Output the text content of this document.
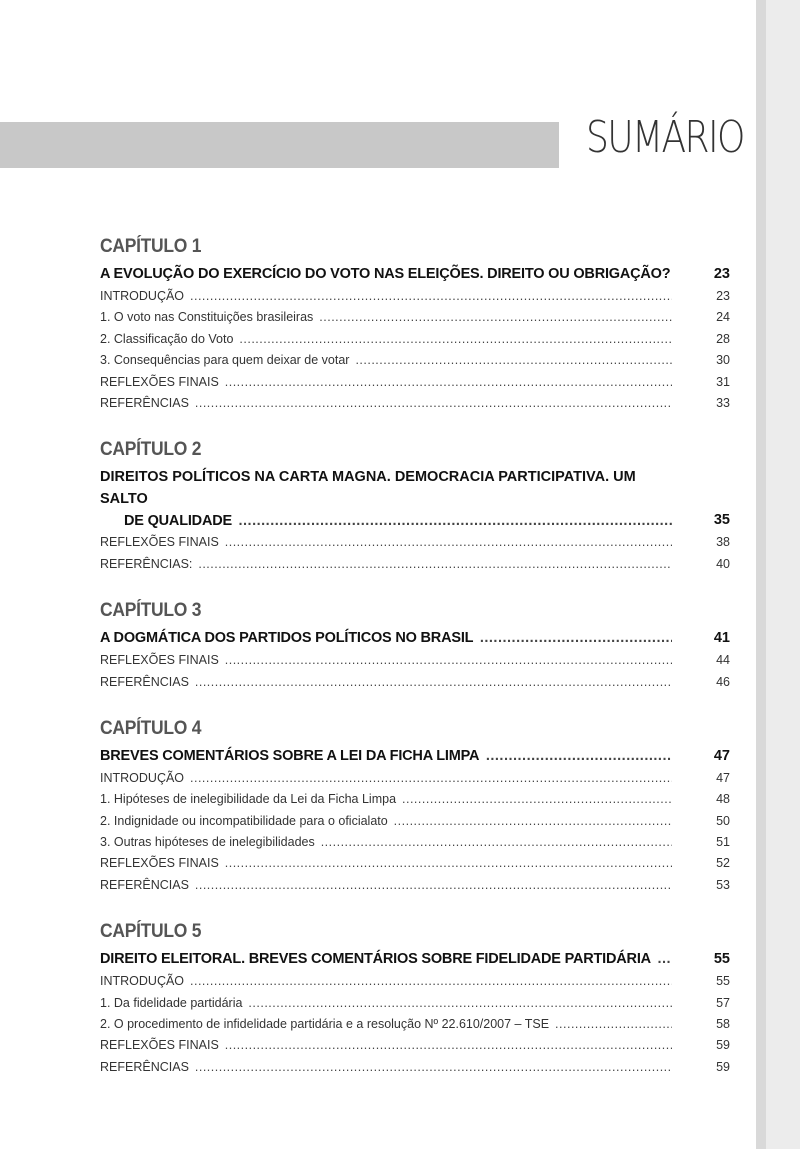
SUMÁRIO
CAPÍTULO 1
A EVOLUÇÃO DO EXERCÍCIO DO VOTO NAS ELEIÇÕES. DIREITO OU OBRIGAÇÃO?	23
INTRODUÇÃO .....	23
1. O voto nas Constituições brasileiras .....	24
2. Classificação do Voto .....	28
3. Consequências para quem deixar de votar .....	30
REFLEXÕES FINAIS .....	31
REFERÊNCIAS .....	33
CAPÍTULO 2
DIREITOS POLÍTICOS NA CARTA MAGNA. DEMOCRACIA PARTICIPATIVA. UM SALTO
DE QUALIDADE .....	35
REFLEXÕES FINAIS .....	38
REFERÊNCIAS: .....	40
CAPÍTULO 3
A DOGMÁTICA DOS PARTIDOS POLÍTICOS NO BRASIL .....	41
REFLEXÕES FINAIS .....	44
REFERÊNCIAS .....	46
CAPÍTULO 4
BREVES COMENTÁRIOS SOBRE A LEI DA FICHA LIMPA .....	47
INTRODUÇÃO .....	47
1. Hipóteses de inelegibilidade da Lei da Ficha Limpa .....	48
2. Indignidade ou incompatibilidade para o oficialato .....	50
3. Outras hipóteses de inelegibilidades .....	51
REFLEXÕES FINAIS .....	52
REFERÊNCIAS .....	53
CAPÍTULO 5
DIREITO ELEITORAL. BREVES COMENTÁRIOS SOBRE FIDELIDADE PARTIDÁRIA .....	55
INTRODUÇÃO .....	55
1. Da fidelidade partidária .....	57
2. O procedimento de infidelidade partidária e a resolução Nº 22.610/2007 – TSE .....	58
REFLEXÕES FINAIS .....	59
REFERÊNCIAS .....	59
